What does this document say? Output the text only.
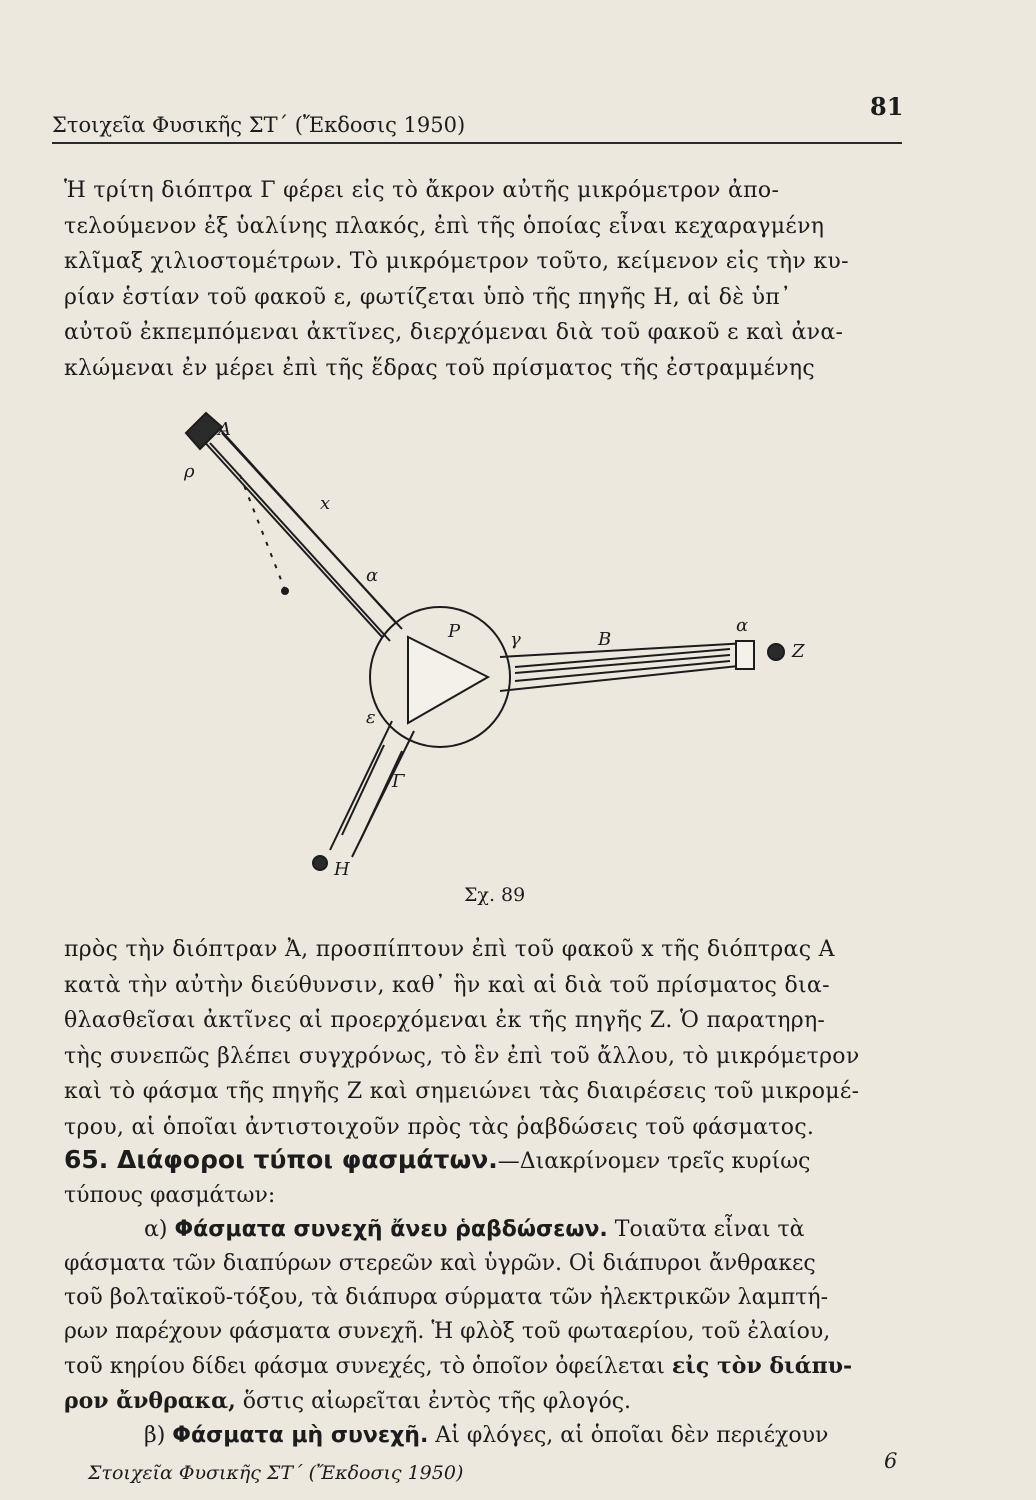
Στοιχεῖα Φυσικῆς ΣΤ΄ (Ἔκδοσις 1950)
81
Ἡ τρίτη διόπτρα Γ φέρει εἰς τὸ ἄκρον αὐτῆς μικρόμετρον ἀπο-
τελούμενον ἐξ ὑαλίνης πλακός, ἐπὶ τῆς ὁποίας εἶναι κεχαραγμένη
κλῖμαξ χιλιοστομέτρων. Τὸ μικρόμετρον τοῦτο, κείμενον εἰς τὴν κυ-
ρίαν ἑστίαν τοῦ φακοῦ ε, φωτίζεται ὑπὸ τῆς πηγῆς Η, αἱ δὲ ὑπ᾿
αὐτοῦ ἐκπεμπόμεναι ἀκτῖνες, διερχόμεναι διὰ τοῦ φακοῦ ε καὶ ἀνα-
κλώμεναι ἐν μέρει ἐπὶ τῆς ἕδρας τοῦ πρίσματος τῆς ἐστραμμένης
A
ρ
x
α
P	γ	B
α
Z
ε
Γ
H
Σχ. 89
πρὸς τὴν διόπτραν Ἀ, προσπίπτουν ἐπὶ τοῦ φακοῦ x τῆς διόπτρας Α
κατὰ τὴν αὐτὴν διεύθυνσιν, καθ᾿ ἣν καὶ αἱ διὰ τοῦ πρίσματος δια-
θλασθεῖσαι ἀκτῖνες αἱ προερχόμεναι ἐκ τῆς πηγῆς Ζ. Ὁ παρατηρη-
τὴς συνεπῶς βλέπει συγχρόνως, τὸ ἓν ἐπὶ τοῦ ἄλλου, τὸ μικρόμετρον
καὶ τὸ φάσμα τῆς πηγῆς Ζ καὶ σημειώνει τὰς διαιρέσεις τοῦ μικρομέ-
τρου, αἱ ὁποῖαι ἀντιστοιχοῦν πρὸς τὰς ῥαβδώσεις τοῦ φάσματος.
65. Διάφοροι τύποι φασμάτων.—Διακρίνομεν τρεῖς κυρίως
τύπους φασμάτων:
α) Φάσματα συνεχῆ ἄνευ ῥαβδώσεων. Τοιαῦτα εἶναι τὰ
φάσματα τῶν διαπύρων στερεῶν καὶ ὑγρῶν. Οἱ διάπυροι ἄνθρακες
τοῦ βολταϊκοῦ-τόξου, τὰ διάπυρα σύρματα τῶν ἠλεκτρικῶν λαμπτή-
ρων παρέχουν φάσματα συνεχῆ. Ἡ φλὸξ τοῦ φωταερίου, τοῦ ἐλαίου,
τοῦ κηρίου δίδει φάσμα συνεχές, τὸ ὁποῖον ὀφείλεται εἰς τὸν διάπυ-
ρον ἄνθρακα, ὅστις αἰωρεῖται ἐντὸς τῆς φλογός.
β) Φάσματα μὴ συνεχῆ. Αἱ φλόγες, αἱ ὁποῖαι δὲν περιέχουν
Στοιχεῖα Φυσικῆς ΣΤ΄ (Ἔκδοσις 1950)	6
